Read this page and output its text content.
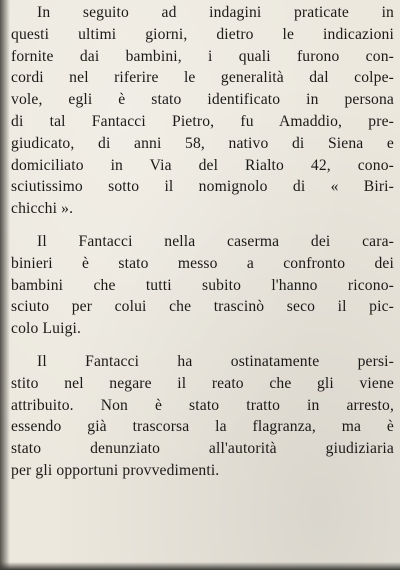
In seguito ad indagini praticate in
questi ultimi giorni, dietro le indicazioni
fornite dai bambini, i quali furono con-
cordi nel riferire le generalità dal colpe-
vole, egli è stato identificato in persona
di tal Fantacci Pietro, fu Amaddio, pre-
giudicato, di anni 58, nativo di Siena e
domiciliato in Via del Rialto 42, cono-
sciutissimo sotto il nomignolo di « Biri-
chicchi ».
Il Fantacci nella caserma dei cara-
binieri è stato messo a confronto dei
bambini che tutti subito l'hanno ricono-
sciuto per colui che trascinò seco il pic-
colo Luigi.
Il Fantacci ha ostinatamente persi-
stito nel negare il reato che gli viene
attribuito. Non è stato tratto in arresto,
essendo già trascorsa la flagranza, ma è
stato denunziato all'autorità giudiziaria
per gli opportuni provvedimenti.
